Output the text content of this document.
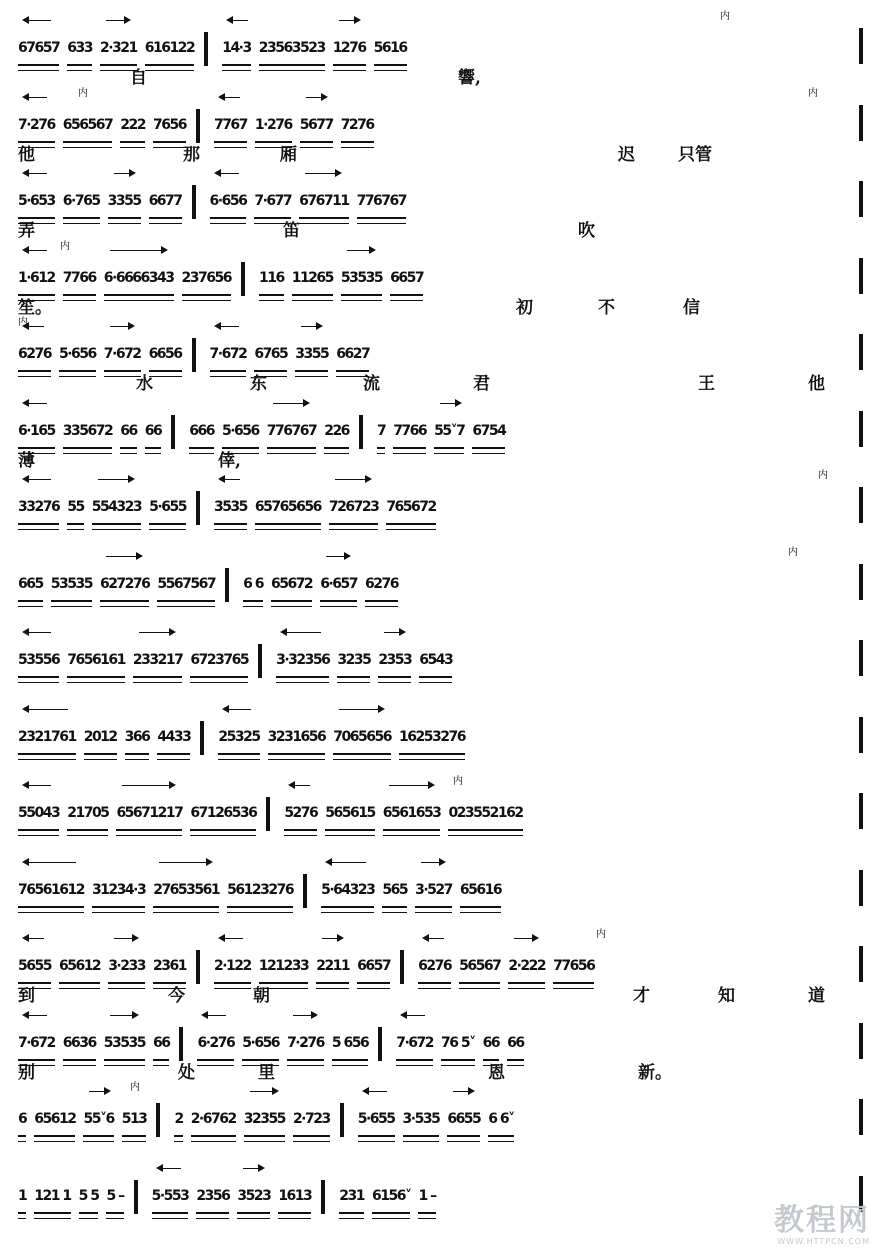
67657 633 2·321 616122 14·3 23563523 1276 5616
内
自	響,
7·276 656567 222 7656 7767 1·276 5677 7276
内	内
他	那	厢	迟	只管
5·653 6·765 3355 6677 6·656 7·677 676711 776767
弄	笛	吹
1·612 7766 6·6666343 237656 116 11265 53535 6657
内
笙。	初	不	信
6276 5·656 7·672 6656 7·672 6765 3355 6627
内
水	东	流	君	王	他
6·165 335672 66 66 666 5·656 776767 226 7 7766 55˅7 6754
薄	倖,
33276 55 554323 5·655 3535 65765656 726723 765672
内
665 53535 627276 5567567 6 6 65672 6·657 6276
内
53556 7656161 233217 6723765 3·32356 3235 2353 6543
2321761 2012 366 4433 25325 3231656 7065656 16253276
55043 21705 65671217 67126536 5276 565615 6561653 023552162
内
76561612 31234·3 27653561 56123276 5·64323 565 3·527 65616
5655 65612 3·233 2361 2·122 121233 2211 6657 6276 56567 2·222 77656
内
到	今	朝	才	知	道
7·672 6636 53535 66 6·276 5·656 7·276 5 656 7·672 76 5˅ 66 66
别	处	里	恩	新。
6 65612 55˅6 513 2 2·6762 32355 2·723 5·655 3·535 6655 6 6˅
内
1 121 1 5 5 5 – 5·553 2356 3523 1613 231 6156˅ 1 –
教程网
WWW.HTTPCN.COM
